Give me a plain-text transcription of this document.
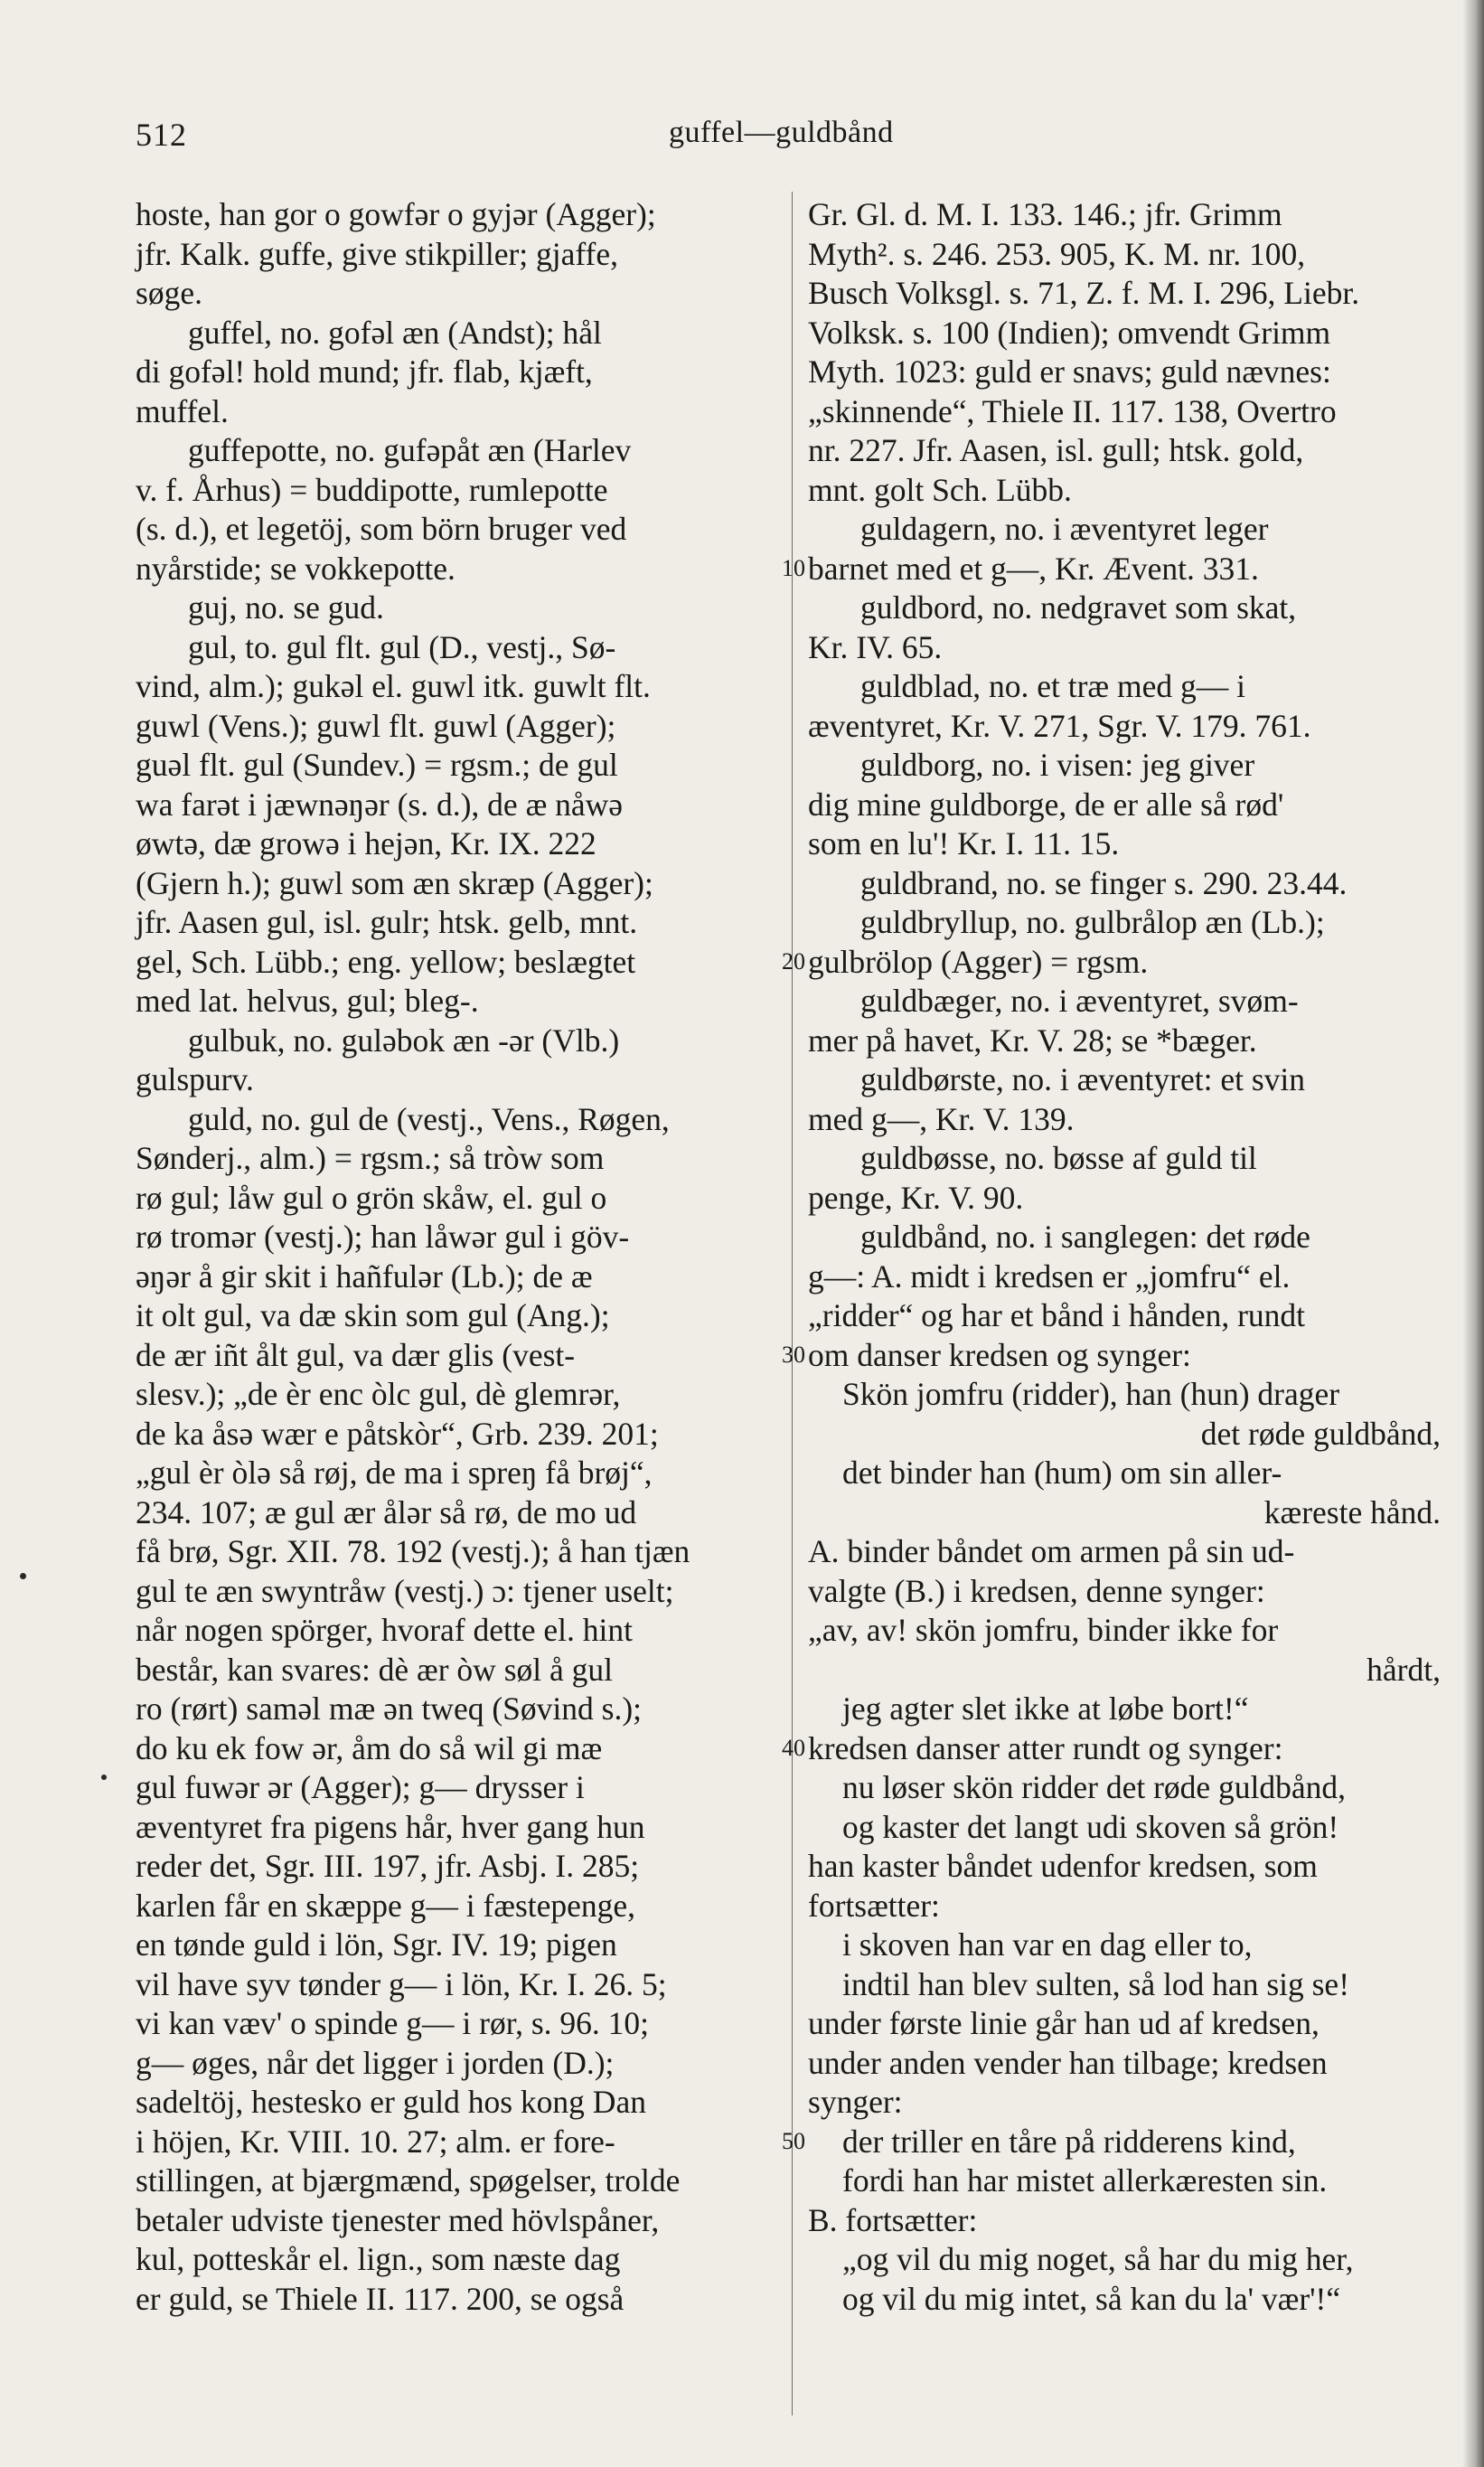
512	guffel—guldbånd
hoste, han gor o gowfər o gyjər (Agger);
jfr. Kalk. guffe, give stikpiller; gjaffe,
søge.
guffel, no. gofəl æn (Andst); hål
di gofəl! hold mund; jfr. flab, kjæft,
muffel.
guffepotte, no. gufəpåt æn (Harlev
v. f. Århus) = buddipotte, rumlepotte
(s. d.), et legetöj, som börn bruger ved
nyårstide; se vokkepotte.
guj, no. se gud.
gul, to. gul flt. gul (D., vestj., Sø-
vind, alm.); gukəl el. guwl itk. guwlt flt.
guwl (Vens.); guwl flt. guwl (Agger);
guəl flt. gul (Sundev.) = rgsm.; de gul
wa farət i jæwnəŋər (s. d.), de æ nåwə
øwtə, dæ growə i hejən, Kr. IX. 222
(Gjern h.); guwl som æn skræp (Agger);
jfr. Aasen gul, isl. gulr; htsk. gelb, mnt.
gel, Sch. Lübb.; eng. yellow; beslægtet
med lat. helvus, gul; bleg-.
gulbuk, no. guləbok æn -ər (Vlb.)
gulspurv.
guld, no. gul de (vestj., Vens., Røgen,
Sønderj., alm.) = rgsm.; så tròw som
rø gul; låw gul o grön skåw, el. gul o
rø tromər (vestj.); han låwər gul i göv-
əŋər å gir skit i hañfulər (Lb.); de æ
it olt gul, va dæ skin som gul (Ang.);
de ær iñt ålt gul, va dær glis (vest-
slesv.); „de èr enc òlc gul, dè glemrər,
de ka åsə wær e påtskòr“, Grb. 239. 201;
„gul èr òlə så røj, de ma i spreŋ få brøj“,
234. 107; æ gul ær ålər så rø, de mo ud
få brø, Sgr. XII. 78. 192 (vestj.); å han tjæn
gul te æn swyntråw (vestj.) ɔ: tjener uselt;
når nogen spörger, hvoraf dette el. hint
består, kan svares: dè ær òw søl å gul
ro (rørt) saməl mæ ən tweq (Søvind s.);
do ku ek fow ər, åm do så wil gi mæ
gul fuwər ər (Agger); g— drysser i
æventyret fra pigens hår, hver gang hun
reder det, Sgr. III. 197, jfr. Asbj. I. 285;
karlen får en skæppe g— i fæstepenge,
en tønde guld i lön, Sgr. IV. 19; pigen
vil have syv tønder g— i lön, Kr. I. 26. 5;
vi kan væv' o spinde g— i rør, s. 96. 10;
g— øges, når det ligger i jorden (D.);
sadeltöj, hestesko er guld hos kong Dan
i höjen, Kr. VIII. 10. 27; alm. er fore-
stillingen, at bjærgmænd, spøgelser, trolde
betaler udviste tjenester med hövlspåner,
kul, potteskår el. lign., som næste dag
er guld, se Thiele II. 117. 200, se også
10
20
30
40
50
Gr. Gl. d. M. I. 133. 146.; jfr. Grimm
Myth². s. 246. 253. 905, K. M. nr. 100,
Busch Volksgl. s. 71, Z. f. M. I. 296, Liebr.
Volksk. s. 100 (Indien); omvendt Grimm
Myth. 1023: guld er snavs; guld nævnes:
„skinnende“, Thiele II. 117. 138, Overtro
nr. 227. Jfr. Aasen, isl. gull; htsk. gold,
mnt. golt Sch. Lübb.
guldagern, no. i æventyret leger
barnet med et g—, Kr. Ævent. 331.
guldbord, no. nedgravet som skat,
Kr. IV. 65.
guldblad, no. et træ med g— i
æventyret, Kr. V. 271, Sgr. V. 179. 761.
guldborg, no. i visen: jeg giver
dig mine guldborge, de er alle så rød'
som en lu'! Kr. I. 11. 15.
guldbrand, no. se finger s. 290. 23.44.
guldbryllup, no. gulbrålop æn (Lb.);
gulbrölop (Agger) = rgsm.
guldbæger, no. i æventyret, svøm-
mer på havet, Kr. V. 28; se *bæger.
guldbørste, no. i æventyret: et svin
med g—, Kr. V. 139.
guldbøsse, no. bøsse af guld til
penge, Kr. V. 90.
guldbånd, no. i sanglegen: det røde
g—: A. midt i kredsen er „jomfru“ el.
„ridder“ og har et bånd i hånden, rundt
om danser kredsen og synger:
Skön jomfru (ridder), han (hun) drager
det røde guldbånd,
det binder han (hum) om sin aller-
kæreste hånd.
A. binder båndet om armen på sin ud-
valgte (B.) i kredsen, denne synger:
„av, av! skön jomfru, binder ikke for
hårdt,
jeg agter slet ikke at løbe bort!“
kredsen danser atter rundt og synger:
nu løser skön ridder det røde guldbånd,
og kaster det langt udi skoven så grön!
han kaster båndet udenfor kredsen, som
fortsætter:
i skoven han var en dag eller to,
indtil han blev sulten, så lod han sig se!
under første linie går han ud af kredsen,
under anden vender han tilbage; kredsen
synger:
der triller en tåre på ridderens kind,
fordi han har mistet allerkæresten sin.
B. fortsætter:
„og vil du mig noget, så har du mig her,
og vil du mig intet, så kan du la' vær'!“
